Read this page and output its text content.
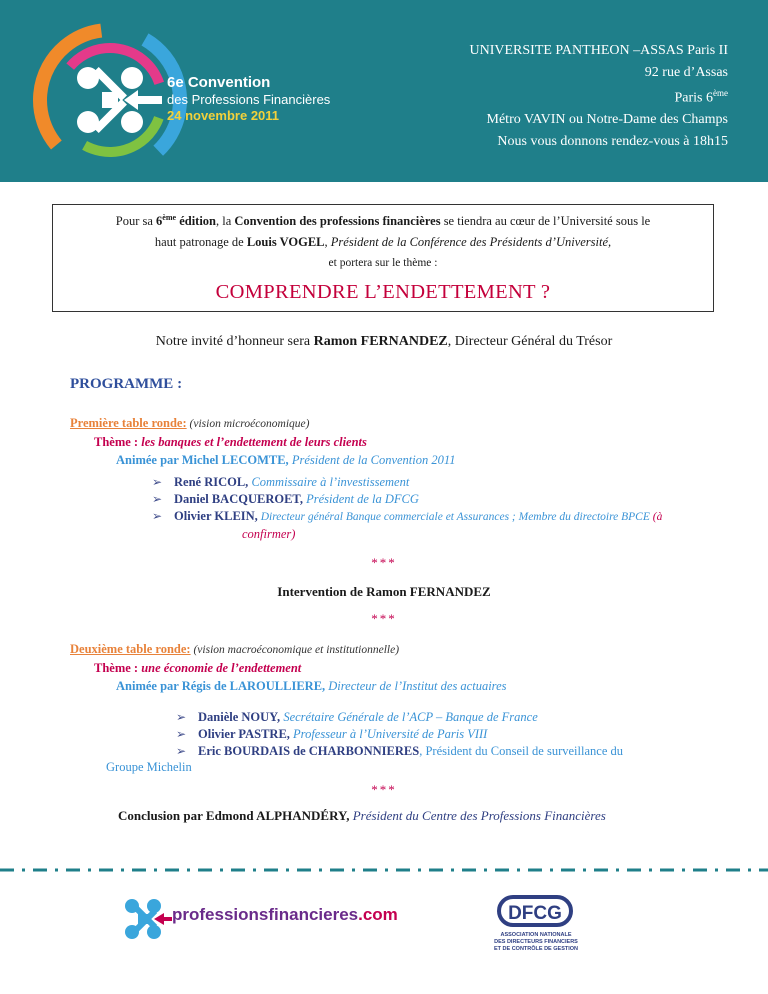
6e Convention
des Professions Financières
24 novembre 2011
UNIVERSITE PANTHEON –ASSAS Paris II
92 rue d’Assas
Paris 6ème
Métro VAVIN ou Notre-Dame des Champs
Nous vous donnons rendez-vous à 18h15
Pour sa 6ème édition, la Convention des professions financières se tiendra au cœur de l’Université sous le
haut patronage de Louis VOGEL, Président de la Conférence des Présidents d’Université,
et portera sur le thème :
COMPRENDRE L’ENDETTEMENT ?
Notre invité d’honneur sera Ramon FERNANDEZ, Directeur Général du Trésor
PROGRAMME :
Première table ronde: (vision microéconomique)
Thème : les banques et l’endettement de leurs clients
Animée par Michel LECOMTE, Président de la Convention 2011
➢ René RICOL, Commissaire à l’investissement
➢ Daniel BACQUEROET, Président de la DFCG
➢ Olivier KLEIN, Directeur général Banque commerciale et Assurances ; Membre du directoire BPCE (à
confirmer)
***
Intervention de Ramon FERNANDEZ
***
Deuxième table ronde: (vision macroéconomique et institutionnelle)
Thème : une économie de l’endettement
Animée par Régis de LAROULLIERE, Directeur de l’Institut des actuaires
➢ Danièle NOUY, Secrétaire Générale de l’ACP – Banque de France
➢ Olivier PASTRE, Professeur à l’Université de Paris VIII
➢ Eric BOURDAIS de CHARBONNIERES, Président du Conseil de surveillance du
Groupe Michelin
***
Conclusion par Edmond ALPHANDÉRY, Président du Centre des Professions Financières
professionsfinancieres.com	DFCG
ASSOCIATION NATIONALE
DES DIRECTEURS FINANCIERS
ET DE CONTRÔLE DE GESTION
